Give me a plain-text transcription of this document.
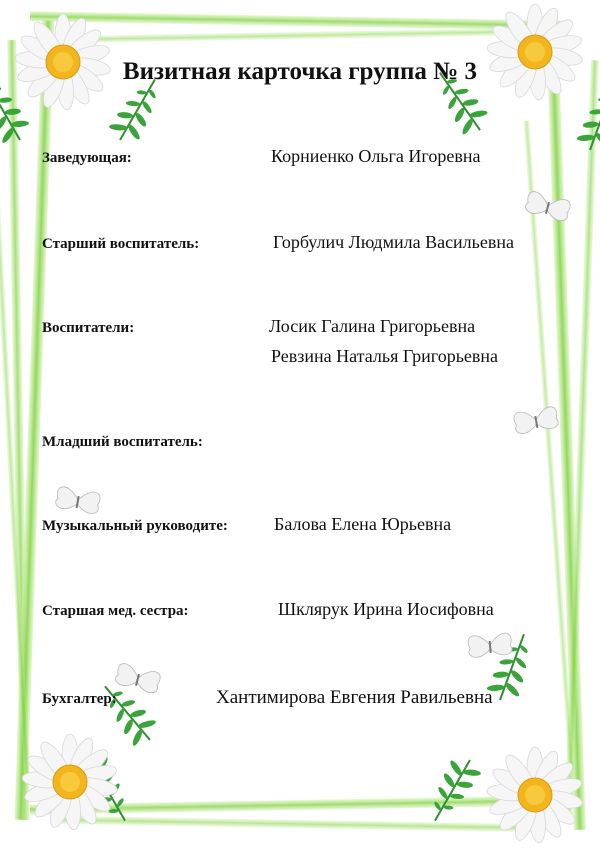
Визитная карточка группа № 3
Заведующая:	Корниенко Ольга Игоревна
Старший воспитатель:	Горбулич Людмила Васильевна
Воспитатели:	Лосик Галина Григорьевна
Ревзина Наталья Григорьевна
Младший воспитатель:
Музыкальный руководите:	Балова Елена Юрьевна
Старшая мед. сестра:	Шклярук Ирина Иосифовна
Бухгалтер:	Хантимирова Евгения Равильевна
